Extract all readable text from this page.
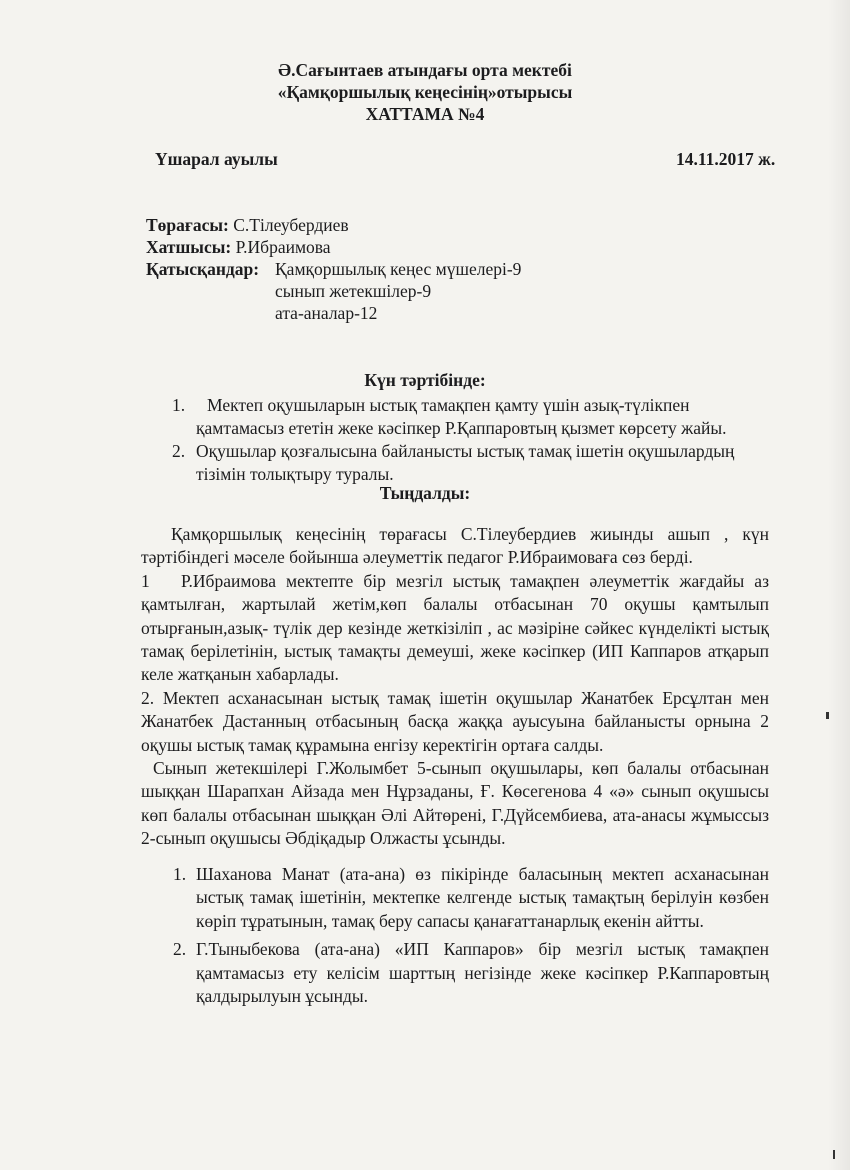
Ә.Сағынтаев атындағы орта мектебі
«Қамқоршылық кеңесінің»отырысы
ХАТТАМА №4
Үшарал ауылы	14.11.2017 ж.
Төрағасы: С.Тілеубердиев
Хатшысы: Р.Ибраимова
Қатысқандар: Қамқоршылық кеңес мүшелері-9
сынып жетекшілер-9
ата-аналар-12
Күн тәртібінде:
1. Мектеп оқушыларын ыстық тамақпен қамту үшін азық-түлікпен
қамтамасыз ететін жеке кәсіпкер Р.Қаппаровтың қызмет көрсету жайы.
2. Оқушылар қозғалысына байланысты ыстық тамақ ішетін оқушылардың
тізімін толықтыру туралы.
Тыңдалды:

Қамқоршылық кеңесінің төрағасы С.Тілеубердиев жиынды ашып , күн тәртібіндегі мәселе бойынша әлеуметтік педагог Р.Ибраимоваға сөз берді.

1 Р.Ибраимова мектепте бір мезгіл ыстық тамақпен әлеуметтік жағдайы аз қамтылған, жартылай жетім,көп балалы отбасынан 70 оқушы қамтылып отырғанын,азық- түлік дер кезінде жеткізіліп , ас мәзіріне сәйкес күнделікті ыстық тамақ берілетінін, ыстық тамақты демеуші, жеке кәсіпкер (ИП Каппаров атқарып келе жатқанын хабарлады.

2. Мектеп асханасынан ыстық тамақ ішетін оқушылар Жанатбек Ерсұлтан мен Жанатбек Дастанның отбасының басқа жаққа ауысуына байланысты орнына 2 оқушы ыстық тамақ құрамына енгізу керектігін ортаға салды.

Сынып жетекшілері Г.Жолымбет 5-сынып оқушылары, көп балалы отбасынан шыққан Шарапхан Айзада мен Нұрзаданы, Ғ. Көсегенова 4 «ә» сынып оқушысы көп балалы отбасынан шыққан Әлі Айтөрені, Г.Дүйсембиева, ата-анасы жұмыссыз 2-сынып оқушысы Әбдіқадыр Олжасты ұсынды.

1. Шаханова Манат (ата-ана) өз пікірінде баласының мектеп асханасынан ыстық тамақ ішетінін, мектепке келгенде ыстық тамақтың берілуін көзбен көріп тұратынын, тамақ беру сапасы қанағаттанарлық екенін айтты.

2. Г.Тыныбекова (ата-ана) «ИП Каппаров» бір мезгіл ыстық тамақпен қамтамасыз ету келісім шарттың негізінде жеке кәсіпкер Р.Каппаровтың қалдырылуын ұсынды.
